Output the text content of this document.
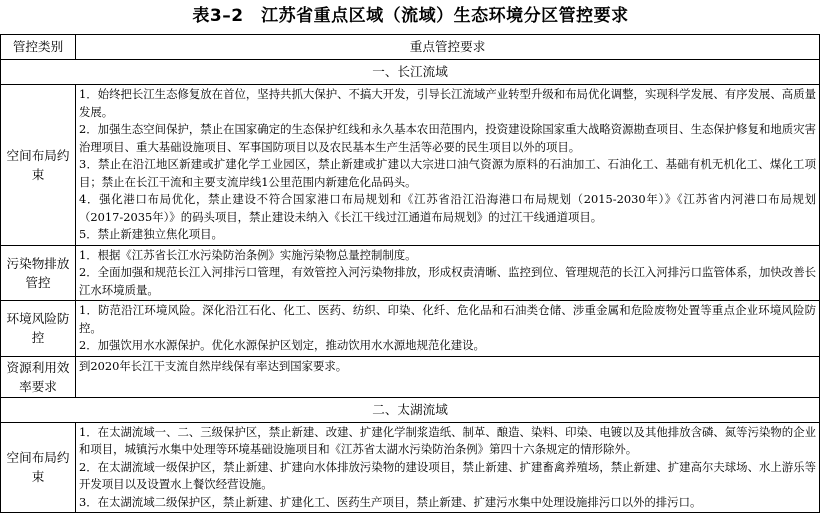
表3–2　江苏省重点区域（流域）生态环境分区管控要求
管控类别	重点管控要求
一、长江流域	
空间布局约束	1．始终把长江生态修复放在首位，坚持共抓大保护、不搞大开发，引导长江流域产业转型升级和布局优化调整，实现科学发展、有序发展、高质量发展。
2．加强生态空间保护，禁止在国家确定的生态保护红线和永久基本农田范围内，投资建设除国家重大战略资源勘查项目、生态保护修复和地质灾害治理项目、重大基础设施项目、军事国防项目以及农民基本生产生活等必要的民生项目以外的项目。
3．禁止在沿江地区新建或扩建化学工业园区，禁止新建或扩建以大宗进口油气资源为原料的石油加工、石油化工、基础有机无机化工、煤化工项目；禁止在长江干流和主要支流岸线1公里范围内新建危化品码头。
4．强化港口布局优化，禁止建设不符合国家港口布局规划和《江苏省沿江沿海港口布局规划（2015-2030年）》《江苏省内河港口布局规划（2017-2035年）》的码头项目，禁止建设未纳入《长江干线过江通道布局规划》的过江干线通道项目。
5．禁止新建独立焦化项目。

污染物排放管控	1．根据《江苏省长江水污染防治条例》实施污染物总量控制制度。
2．全面加强和规范长江入河排污口管理，有效管控入河污染物排放，形成权责清晰、监控到位、管理规范的长江入河排污口监管体系，加快改善长江水环境质量。

环境风险防控	1．防范沿江环境风险。深化沿江石化、化工、医药、纺织、印染、化纤、危化品和石油类仓储、涉重金属和危险废物处置等重点企业环境风险防控。
2．加强饮用水水源保护。优化水源保护区划定，推动饮用水水源地规范化建设。

资源利用效率要求	到2020年长江干支流自然岸线保有率达到国家要求。

二、太湖流域	
空间布局约束	1．在太湖流域一、二、三级保护区，禁止新建、改建、扩建化学制浆造纸、制革、酿造、染料、印染、电镀以及其他排放含磷、氮等污染物的企业和项目，城镇污水集中处理等环境基础设施项目和《江苏省太湖水污染防治条例》第四十六条规定的情形除外。
2．在太湖流域一级保护区，禁止新建、扩建向水体排放污染物的建设项目，禁止新建、扩建畜禽养殖场，禁止新建、扩建高尔夫球场、水上游乐等开发项目以及设置水上餐饮经营设施。
3．在太湖流域二级保护区，禁止新建、扩建化工、医药生产项目，禁止新建、扩建污水集中处理设施排污口以外的排污口。
